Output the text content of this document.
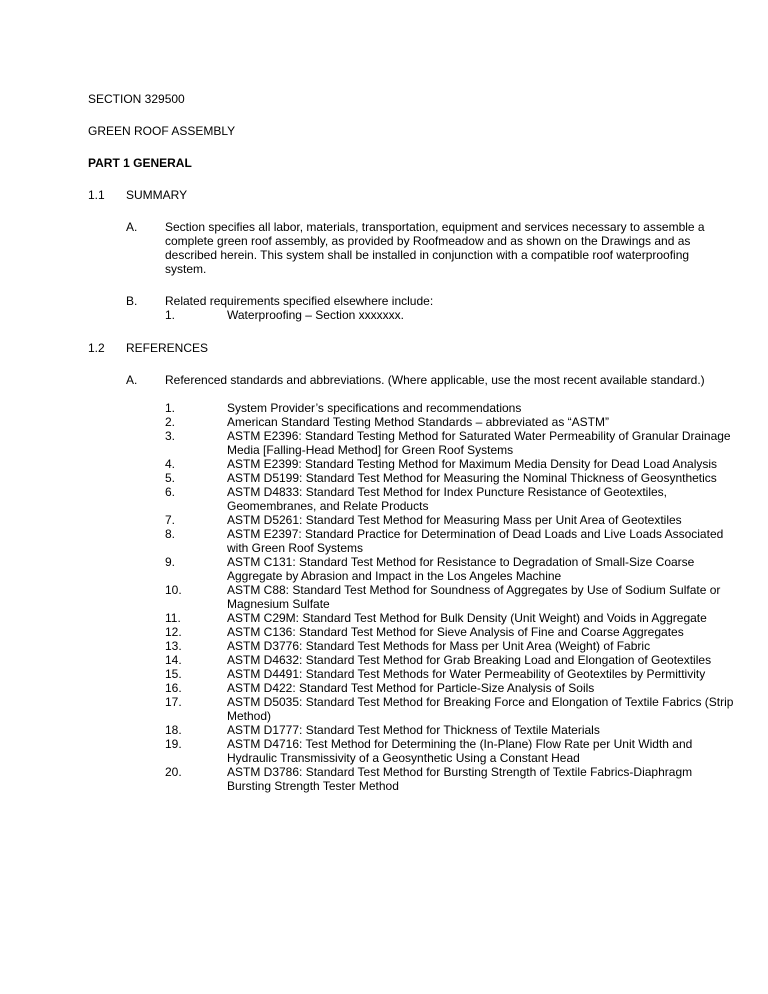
SECTION 329500
GREEN ROOF ASSEMBLY
PART 1 GENERAL
1.1 SUMMARY
A. Section specifies all labor, materials, transportation, equipment and services necessary to assemble a complete green roof assembly, as provided by Roofmeadow and as shown on the Drawings and as described herein. This system shall be installed in conjunction with a compatible roof waterproofing system.
B. Related requirements specified elsewhere include:
1.	Waterproofing – Section xxxxxxx.
1.2 REFERENCES
A. Referenced standards and abbreviations. (Where applicable, use the most recent available standard.)
1.	System Provider’s specifications and recommendations
2.	American Standard Testing Method Standards – abbreviated as “ASTM”
3.	ASTM E2396: Standard Testing Method for Saturated Water Permeability of Granular Drainage Media [Falling-Head Method] for Green Roof Systems
4.	ASTM E2399: Standard Testing Method for Maximum Media Density for Dead Load Analysis
5.	ASTM D5199: Standard Test Method for Measuring the Nominal Thickness of Geosynthetics
6.	ASTM D4833: Standard Test Method for Index Puncture Resistance of Geotextiles, Geomembranes, and Relate Products
7.	ASTM D5261: Standard Test Method for Measuring Mass per Unit Area of Geotextiles
8.	ASTM E2397: Standard Practice for Determination of Dead Loads and Live Loads Associated with Green Roof Systems
9.	ASTM C131: Standard Test Method for Resistance to Degradation of Small-Size Coarse Aggregate by Abrasion and Impact in the Los Angeles Machine
10.	ASTM C88: Standard Test Method for Soundness of Aggregates by Use of Sodium Sulfate or Magnesium Sulfate
11.	ASTM C29M: Standard Test Method for Bulk Density (Unit Weight) and Voids in Aggregate
12.	ASTM C136: Standard Test Method for Sieve Analysis of Fine and Coarse Aggregates
13.	ASTM D3776: Standard Test Methods for Mass per Unit Area (Weight) of Fabric
14.	ASTM D4632: Standard Test Method for Grab Breaking Load and Elongation of Geotextiles
15.	ASTM D4491: Standard Test Methods for Water Permeability of Geotextiles by Permittivity
16.	ASTM D422: Standard Test Method for Particle-Size Analysis of Soils
17.	ASTM D5035: Standard Test Method for Breaking Force and Elongation of Textile Fabrics (Strip Method)
18.	ASTM D1777: Standard Test Method for Thickness of Textile Materials
19.	ASTM D4716: Test Method for Determining the (In-Plane) Flow Rate per Unit Width and Hydraulic Transmissivity of a Geosynthetic Using a Constant Head
20.	ASTM D3786: Standard Test Method for Bursting Strength of Textile Fabrics-Diaphragm Bursting Strength Tester Method
